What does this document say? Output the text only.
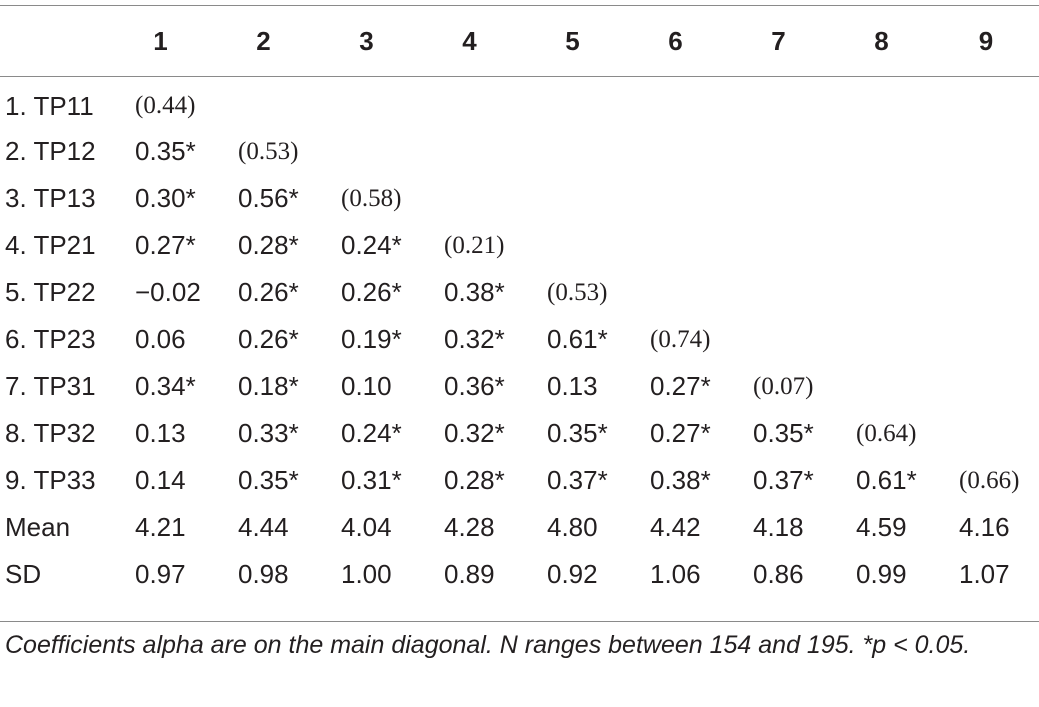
	1	2	3	4	5	6	7	8	9
1. TP11	(0.44)								
2. TP12	0.35*	(0.53)							
3. TP13	0.30*	0.56*	(0.58)						
4. TP21	0.27*	0.28*	0.24*	(0.21)					
5. TP22	−0.02	0.26*	0.26*	0.38*	(0.53)				
6. TP23	0.06	0.26*	0.19*	0.32*	0.61*	(0.74)			
7. TP31	0.34*	0.18*	0.10	0.36*	0.13	0.27*	(0.07)		
8. TP32	0.13	0.33*	0.24*	0.32*	0.35*	0.27*	0.35*	(0.64)	
9. TP33	0.14	0.35*	0.31*	0.28*	0.37*	0.38*	0.37*	0.61*	(0.66)
Mean	4.21	4.44	4.04	4.28	4.80	4.42	4.18	4.59	4.16
SD	0.97	0.98	1.00	0.89	0.92	1.06	0.86	0.99	1.07
Coefficients alpha are on the main diagonal. N ranges between 154 and 195. *p < 0.05.
